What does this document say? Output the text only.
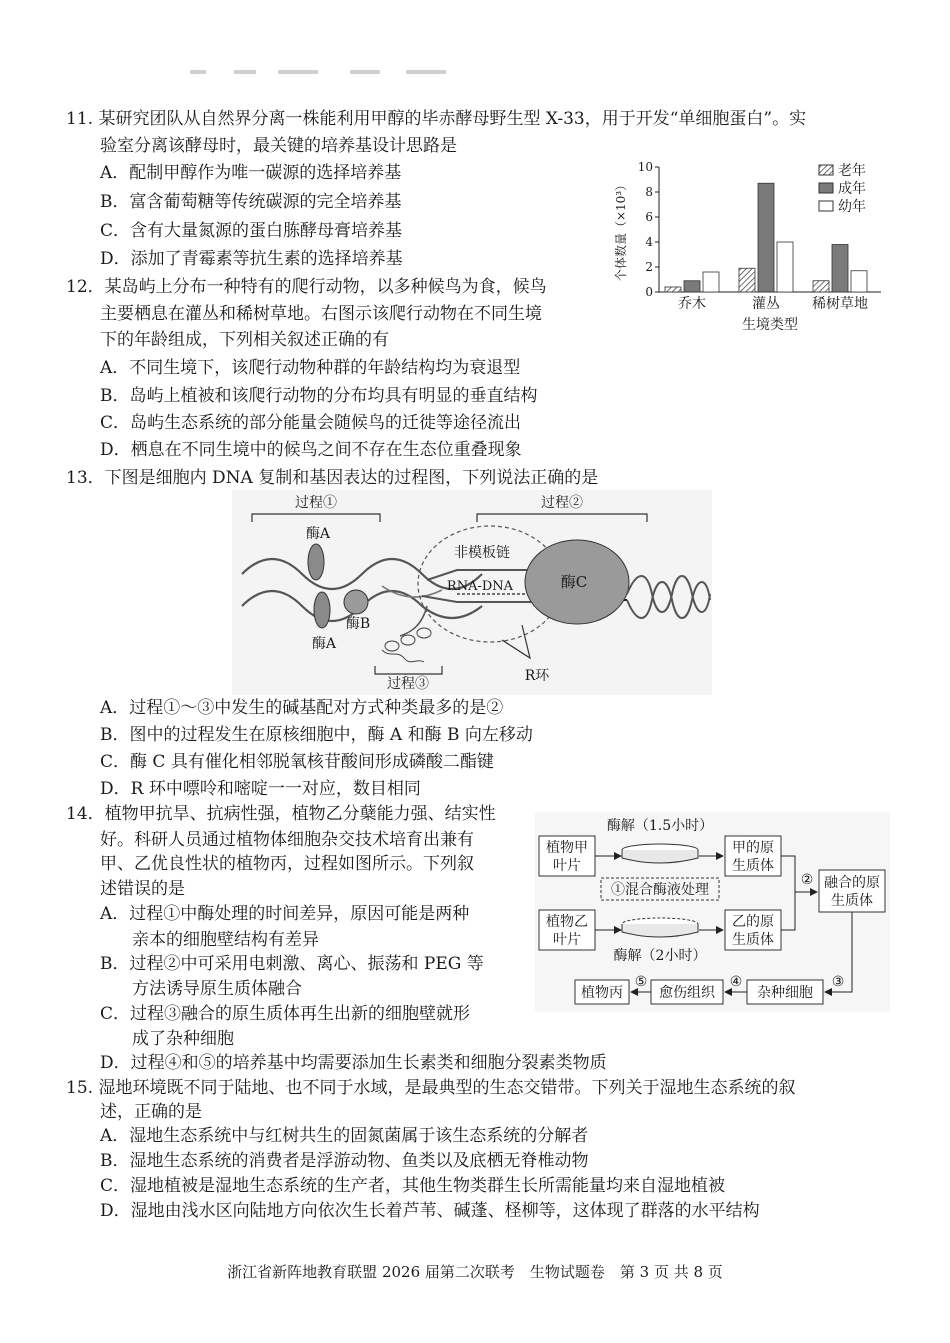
11. 某研究团队从自然界分离一株能利用甲醇的毕赤酵母野生型 X-33，用于开发“单细胞蛋白”。实
验室分离该酵母时，最关键的培养基设计思路是
A．配制甲醇作为唯一碳源的选择培养基
B．富含葡萄糖等传统碳源的完全培养基
C．含有大量氮源的蛋白胨酵母膏培养基
D．添加了青霉素等抗生素的选择培养基
12．某岛屿上分布一种特有的爬行动物，以多种候鸟为食，候鸟
主要栖息在灌丛和稀树草地。右图示该爬行动物在不同生境
下的年龄组成，下列相关叙述正确的有
A．不同生境下，该爬行动物种群的年龄结构均为衰退型
B．岛屿上植被和该爬行动物的分布均具有明显的垂直结构
C．岛屿生态系统的部分能量会随候鸟的迁徙等途径流出
D．栖息在不同生境中的候鸟之间不存在生态位重叠现象
个体数量（×10³）
0
2
4
6
8
10
乔木	灌丛 稀树草地
老年
成年
幼年
生境类型
13．下图是细胞内 DNA 复制和基因表达的过程图，下列说法正确的是
过程①	过程②
酶C
非模板链
RNA-DNA
酶A
酶A
酶B
过程③	R环
A．过程①～③中发生的碱基配对方式种类最多的是②
B．图中的过程发生在原核细胞中，酶 A 和酶 B 向左移动
C．酶 C 具有催化相邻脱氧核苷酸间形成磷酸二酯键
D．R 环中嘌呤和嘧啶一一对应，数目相同
14．植物甲抗旱、抗病性强，植物乙分蘖能力强、结实性
好。科研人员通过植物体细胞杂交技术培育出兼有
甲、乙优良性状的植物丙，过程如图所示。下列叙
述错误的是
A．过程①中酶处理的时间差异，原因可能是两种
亲本的细胞壁结构有差异
B．过程②中可采用电刺激、离心、振荡和 PEG 等
方法诱导原生质体融合
C．过程③融合的原生质体再生出新的细胞壁就形
成了杂种细胞
D．过程④和⑤的培养基中均需要添加生长素类和细胞分裂素类物质
植物甲
叶片
植物乙
叶片
酶解（1.5小时）
①混合酶液处理
酶解（2小时）
甲的原
生质体
乙的原
生质体
② 融合的原
生质体
③
杂种细胞
④
愈伤组织
⑤
植物丙
15. 湿地环境既不同于陆地、也不同于水域，是最典型的生态交错带。下列关于湿地生态系统的叙
述，正确的是
A．湿地生态系统中与红树共生的固氮菌属于该生态系统的分解者
B．湿地生态系统的消费者是浮游动物、鱼类以及底栖无脊椎动物
C．湿地植被是湿地生态系统的生产者，其他生物类群生长所需能量均来自湿地植被
D．湿地由浅水区向陆地方向依次生长着芦苇、碱蓬、柽柳等，这体现了群落的水平结构
浙江省新阵地教育联盟 2026 届第二次联考　生物试题卷　第 3 页 共 8 页
